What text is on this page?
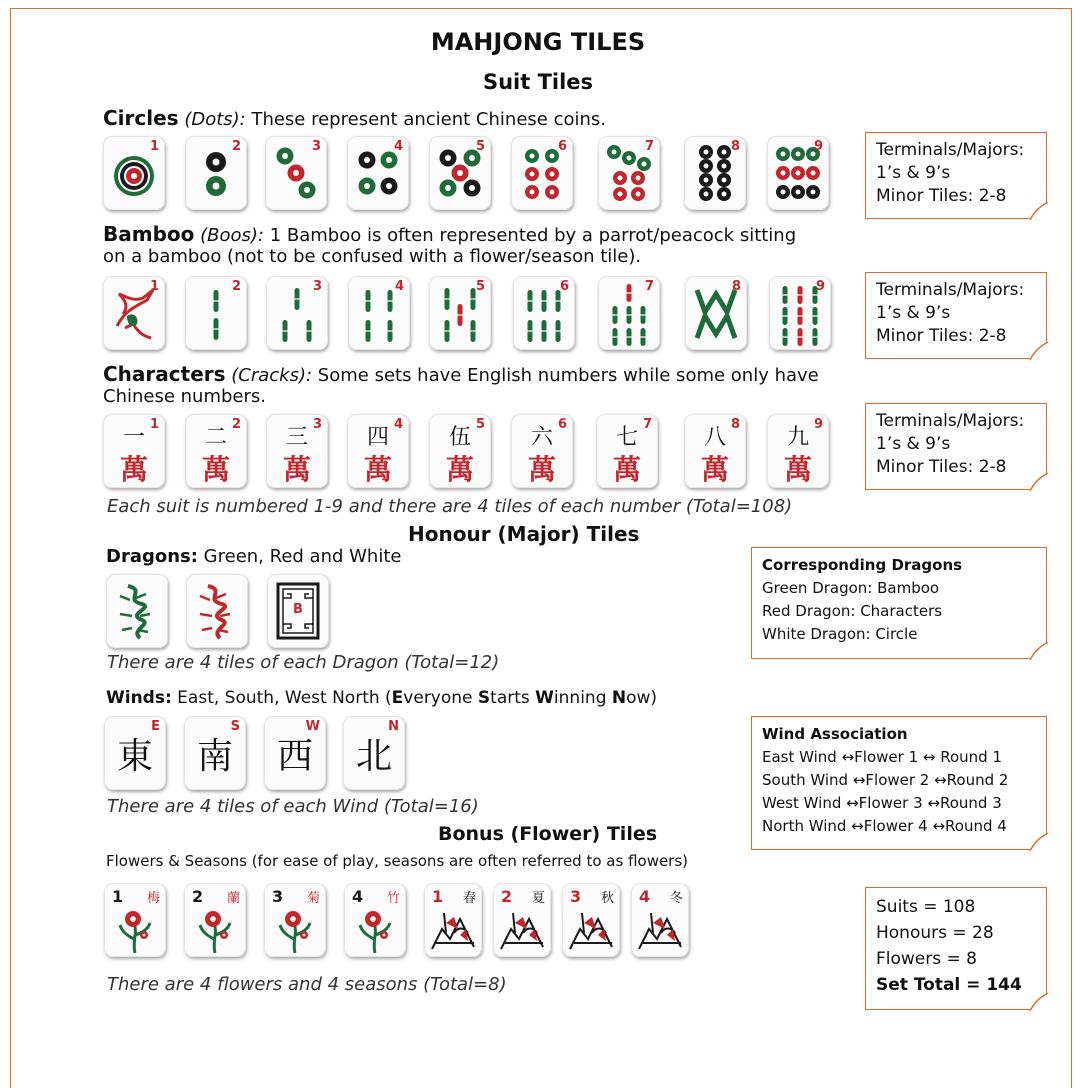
MAHJONG TILES
Suit Tiles
Circles (Dots): These represent ancient Chinese coins.
1	2	3	4	5	6	7	8	9
Bamboo (Boos): 1 Bamboo is often represented by a parrot/peacock sitting
on a bamboo (not to be confused with a flower/season tile).
1	2	3	4	5	6	7	8	9
Characters (Cracks): Some sets have English numbers while some only have
Chinese numbers.
一
萬
1
二
萬
2
三
萬
3
四
萬
4
伍
萬
5
六
萬
6
七
萬
7
八
萬
8
九
萬
9
Each suit is numbered 1-9 and there are 4 tiles of each number (Total=108)
Terminals/Majors:
1’s & 9’s
Minor Tiles: 2-8
Terminals/Majors:
1’s & 9’s
Minor Tiles: 2-8
Terminals/Majors:
1’s & 9’s
Minor Tiles: 2-8
Honour (Major) Tiles
Dragons: Green, Red and White
B
There are 4 tiles of each Dragon (Total=12)
Corresponding Dragons
Green Dragon: Bamboo
Red Dragon: Characters
White Dragon: Circle
Winds: East, South, West North (Everyone Starts Winning Now)
東
E
南
S
西
W
北
N
There are 4 tiles of each Wind (Total=16)
Wind Association
East Wind ↔Flower 1 ↔ Round 1
South Wind ↔Flower 2 ↔Round 2
West Wind ↔Flower 3 ↔Round 3
North Wind ↔Flower 4 ↔Round 4
Bonus (Flower) Tiles
Flowers & Seasons (for ease of play, seasons are often referred to as flowers)
1 梅 2 蘭 3 菊 4 竹 1 春 2 夏 3 秋 4 冬
There are 4 flowers and 4 seasons (Total=8)
Suits = 108
Honours = 28
Flowers = 8
Set Total = 144
